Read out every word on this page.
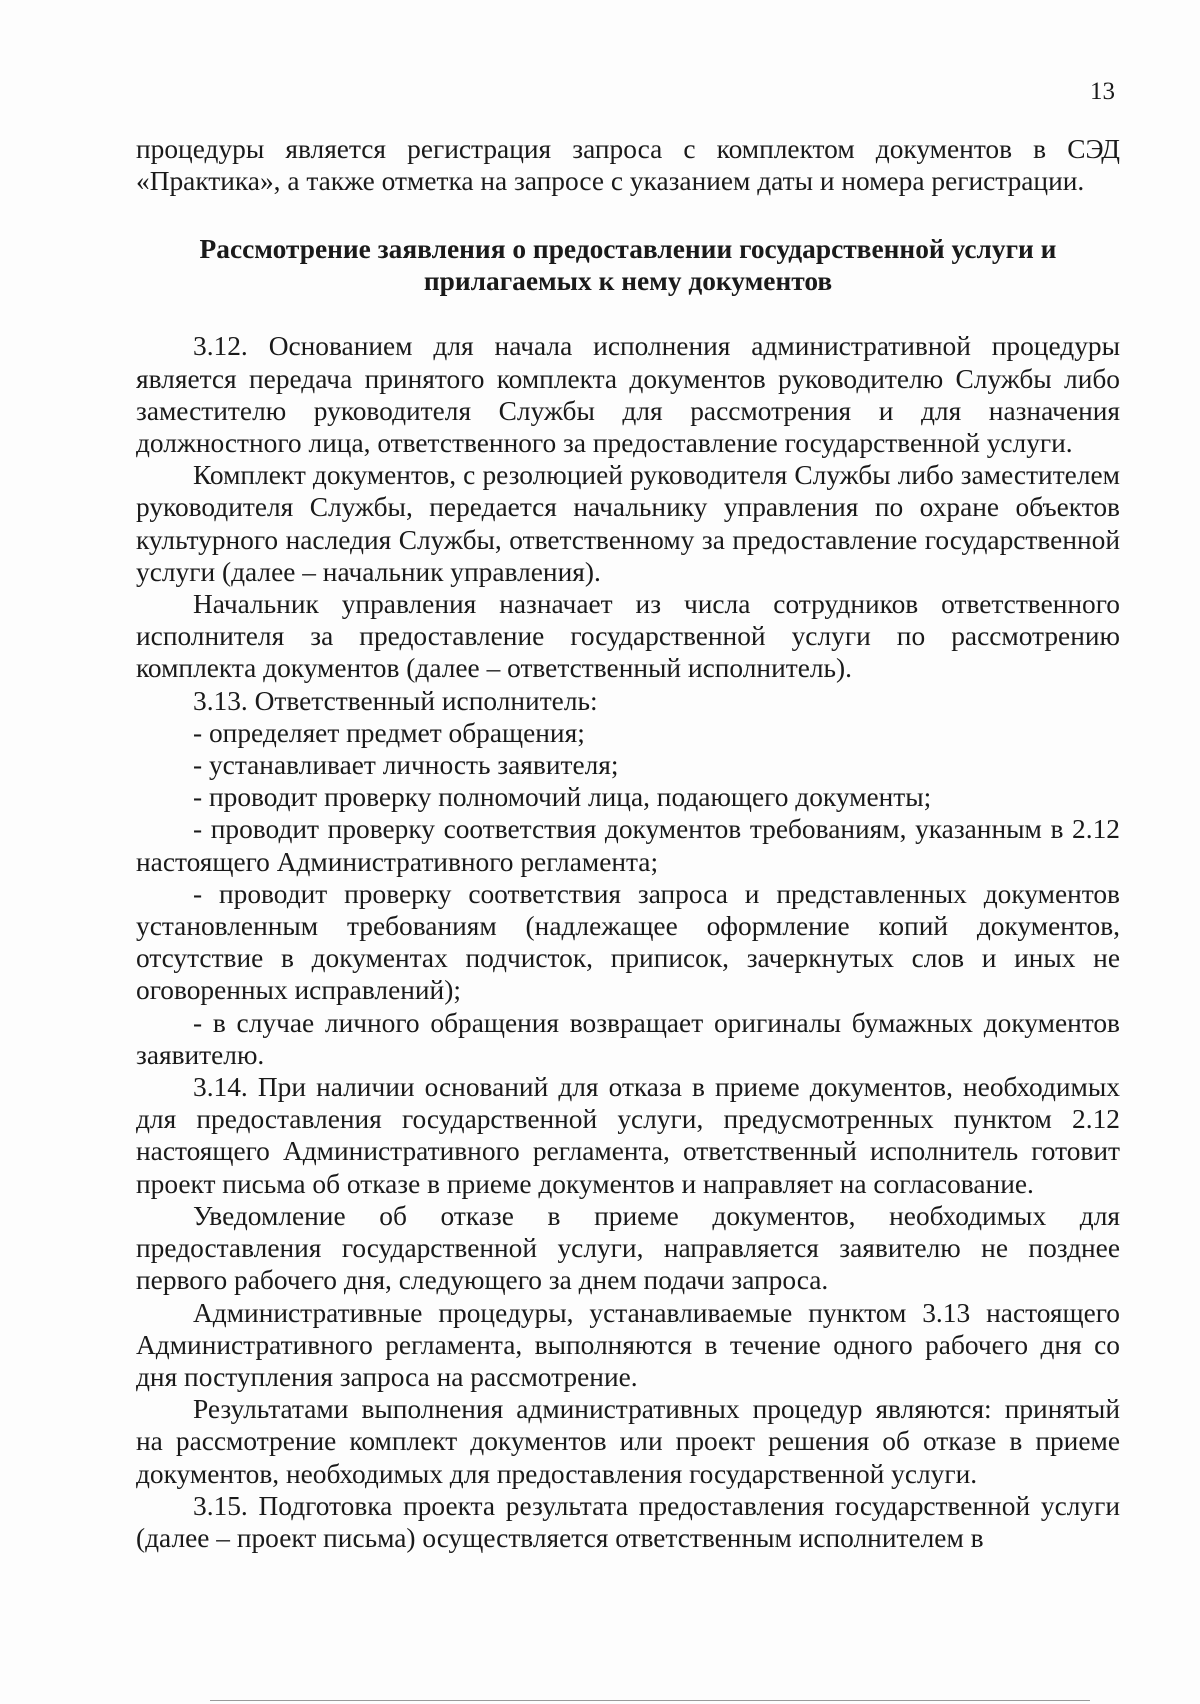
13

процедуры является регистрация запроса с комплектом документов в СЭД «Практика», а также отметка на запросе с указанием даты и номера регистрации.

Рассмотрение заявления о предоставлении государственной услуги и прилагаемых к нему документов

3.12. Основанием для начала исполнения административной процедуры является передача принятого комплекта документов руководителю Службы либо заместителю руководителя Службы для рассмотрения и для назначения должностного лица, ответственного за предоставление государственной услуги.

Комплект документов, с резолюцией руководителя Службы либо заместителем руководителя Службы, передается начальнику управления по охране объектов культурного наследия Службы, ответственному за предоставление государственной услуги (далее – начальник управления).

Начальник управления назначает из числа сотрудников ответственного исполнителя за предоставление государственной услуги по рассмотрению комплекта документов (далее – ответственный исполнитель).

3.13. Ответственный исполнитель:

- определяет предмет обращения;

- устанавливает личность заявителя;

- проводит проверку полномочий лица, подающего документы;

- проводит проверку соответствия документов требованиям, указанным в 2.12 настоящего Административного регламента;

- проводит проверку соответствия запроса и представленных документов установленным требованиям (надлежащее оформление копий документов, отсутствие в документах подчисток, приписок, зачеркнутых слов и иных не оговоренных исправлений);

- в случае личного обращения возвращает оригиналы бумажных документов заявителю.

3.14. При наличии оснований для отказа в приеме документов, необходимых для предоставления государственной услуги, предусмотренных пунктом 2.12 настоящего Административного регламента, ответственный исполнитель готовит проект письма об отказе в приеме документов и направляет на согласование.

Уведомление об отказе в приеме документов, необходимых для предоставления государственной услуги, направляется заявителю не позднее первого рабочего дня, следующего за днем подачи запроса.

Административные процедуры, устанавливаемые пунктом 3.13 настоящего Административного регламента, выполняются в течение одного рабочего дня со дня поступления запроса на рассмотрение.

Результатами выполнения административных процедур являются: принятый на рассмотрение комплект документов или проект решения об отказе в приеме документов, необходимых для предоставления государственной услуги.

3.15. Подготовка проекта результата предоставления государственной услуги (далее – проект письма) осуществляется ответственным исполнителем в
